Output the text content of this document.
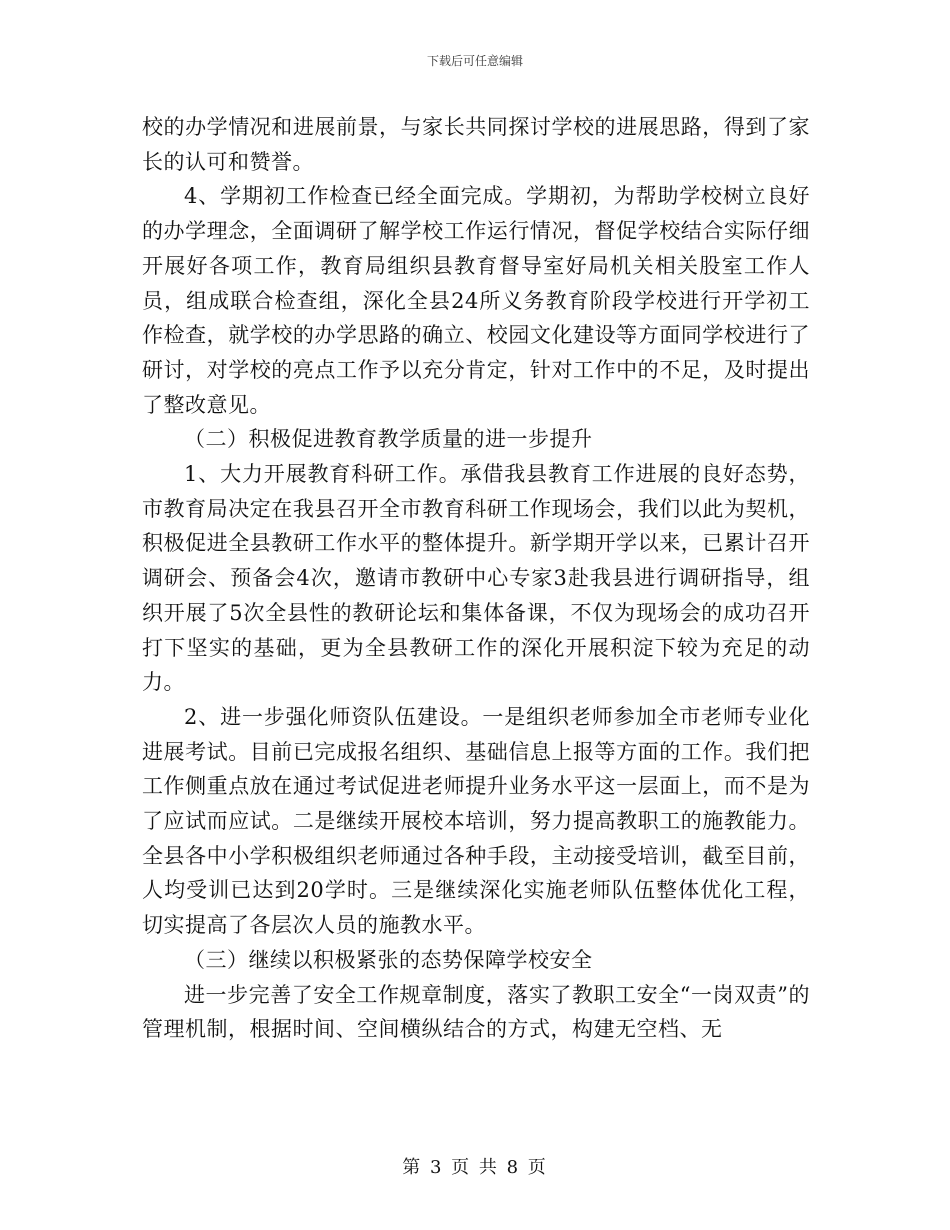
下载后可任意编辑

校的办学情况和进展前景，与家长共同探讨学校的进展思路，得到了家长的认可和赞誉。

4、学期初工作检查已经全面完成。学期初，为帮助学校树立良好的办学理念，全面调研了解学校工作运行情况，督促学校结合实际仔细开展好各项工作，教育局组织县教育督导室好局机关相关股室工作人员，组成联合检查组，深化全县24所义务教育阶段学校进行开学初工作检查，就学校的办学思路的确立、校园文化建设等方面同学校进行了研讨，对学校的亮点工作予以充分肯定，针对工作中的不足，及时提出了整改意见。

（二）积极促进教育教学质量的进一步提升

1、大力开展教育科研工作。承借我县教育工作进展的良好态势，市教育局决定在我县召开全市教育科研工作现场会，我们以此为契机，积极促进全县教研工作水平的整体提升。新学期开学以来，已累计召开调研会、预备会4次，邀请市教研中心专家3赴我县进行调研指导，组织开展了5次全县性的教研论坛和集体备课，不仅为现场会的成功召开打下坚实的基础，更为全县教研工作的深化开展积淀下较为充足的动力。

2、进一步强化师资队伍建设。一是组织老师参加全市老师专业化进展考试。目前已完成报名组织、基础信息上报等方面的工作。我们把工作侧重点放在通过考试促进老师提升业务水平这一层面上，而不是为了应试而应试。二是继续开展校本培训，努力提高教职工的施教能力。全县各中小学积极组织老师通过各种手段，主动接受培训，截至目前，人均受训已达到20学时。三是继续深化实施老师队伍整体优化工程，切实提高了各层次人员的施教水平。

（三）继续以积极紧张的态势保障学校安全

进一步完善了安全工作规章制度，落实了教职工安全“一岗双责”的管理机制，根据时间、空间横纵结合的方式，构建无空档、无

第 3 页 共 8 页
